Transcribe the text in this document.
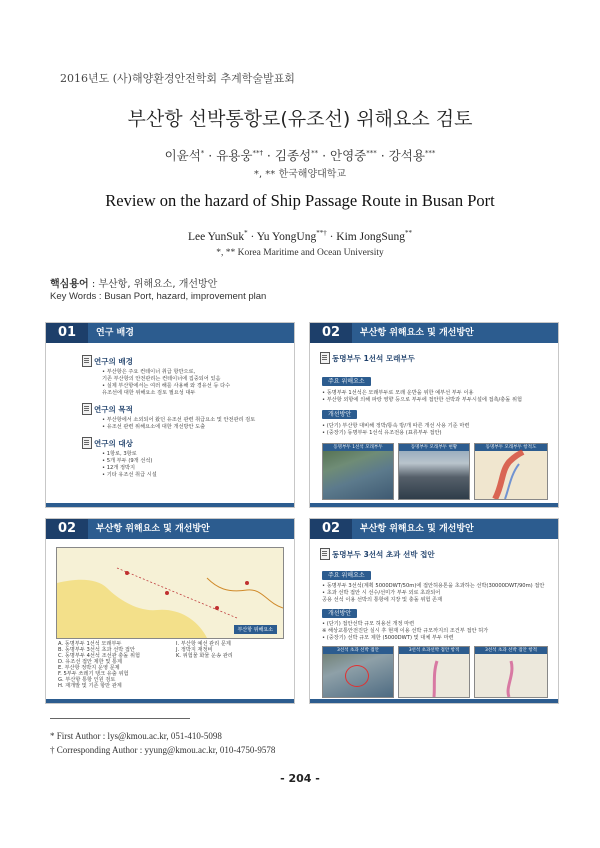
2016년도 (사)해양환경안전학회 추계학술발표회
부산항 선박통항로(유조선) 위해요소 검토
이윤석* · 유용웅**† · 김종성** · 안영중*** · 강석용***
*, ** 한국해양대학교
Review on the hazard of Ship Passage Route in Busan Port
Lee YunSuk* · Yu YongUng**† · Kim JongSung**
*, ** Korea Maritime and Ocean University
핵심용어 : 부산항, 위해요소, 개선방안
Key Words : Busan Port, hazard, improvement plan
01	연구 배경
연구의 배경
• 부산항은 주요 컨테이너 취급 항만으로,
기존 부산항의 안전관리는 컨테이너에 집중되어 있음
• 실제 부산항에서는 여러 해를 사용해 와 경유선 등 다수
유조선에 대한 위해요소 검토 필요성 대두
연구의 목적
• 부산항에서 소외되어 왔던 유조선 관련 취급요소 및 안전관리 검토
• 유조선 관련 위해요소에 대한 개선방안 도출
연구의 대상
• 1항로, 3항로
• 5개 부두 (9개 선석)
• 12개 정박지
• 기타 유조선 취급 시설
02	부산항 위해요소 및 개선방안
동명부두 1선석 모래부두
주요 위해요소
• 동명부두 1선석은 모래부두로 모래 운반을 위한 예부선 부두 이용
• 부산항 외항에 의해 파랑 영향 등으로 부두에 접안한 선박과 부두시설에 접촉/충돌 위험
개선방안
• (단기) 부산항 대비해 정박/통속 방/개 따른 개선 사용 기준 마련
• (중장기) 동명부두 1선석 유조전용 (표류부두 접안)
동명부두 1선석 모래부두	동명부두 모래부두 현황	동명부두 모래부두 항적도
02	부산항 위해요소 및 개선방안
부산항 위해요소
A. 동명부두 1선석 모래부두
B. 동명부두 3선석 초과 선박 접안
C. 동명부두 4선석 조선관 충돌 위험
D. 유조선 접안 제한 및 통제
E. 부산항 정박지 운영 문제
F. 5부두 쓰레기 탱크 유출 위험
G. 부산항 통항 인원 검토
H. 재개발 및 기존 항만 관계
I. 부산항 예선 관리 문제
J. 정박지 재정비
K. 위험물 화물 운송 관리
02	부산항 위해요소 및 개선방안
동명부두 3선석 초과 선박 접안
주요 위해요소
• 동명부두 3선석(계획 5000DWT/50m)에 접안허용톤을 초과하는 선박(30000DWT/90m) 접안
• 초과 선박 접안 시 선수/선미가 부두 외로 초과되어
공용 선석 이용 선박의 통항에 지장 및 충돌 위험 존재
개선방안
• (단기) 접안선박 규모 허용선 개정 마련
※ 해상교통안전진단 실시 후 현재 이용 선박 규모까지의 조건부 접안 허가
• (중장기) 선박 규모 제한 (5000DWT) 및 대체 부두 마련
3선석 초과 선박 접안	3선석 초과선박 접안 항적	3선석 초과 선박 접안 항적
* First Author : lys@kmou.ac.kr, 051-410-5098
† Corresponding Author : yyung@kmou.ac.kr, 010-4750-9578
- 204 -
